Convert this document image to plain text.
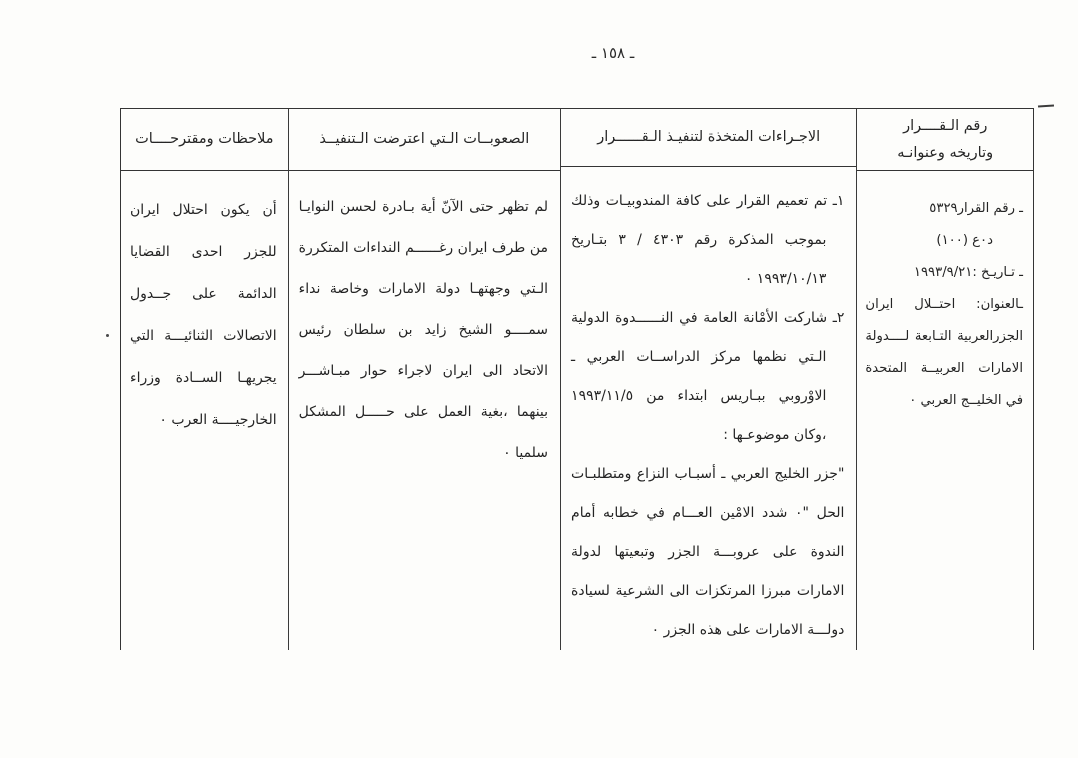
ـ ١٥٨ ـ
رقم الـقــــرار
وتاريخه وعنوانـه

ـ رقم القرار٥٣٢٩

د٠ع (١٠٠)

ـ تـاريـخ :١٩٩٣/٩/٢١

ـالعنوان: احتــلال ايران الجزرالعربية التـابعة لــــدولة الامارات العربيــة المتحدة في الخليــج العربي ٠

الاجـراءات المتخذة لتنفيـذ الـقــــــرار

١ـ تم تعميم القرار على كافة المندوبيـات وذلك بموجب المذكرة رقم ٤٣٠٣ / ٣ بتـاريخ ١٩٩٣/١٠/١٣ ٠

٢ـ شاركت الأمْانة العامة في النــــــدوة الدولية الـتي نظمها مركز الدراســات العربي ـ الاوْروبي ببـاريس ابتداء من ١٩٩٣/١١/٥ ،وكان موضوعـها :

"جزر الخليج العربي ـ أسبـاب النزاع ومتطلبـات الحل "٠ شدد الامْين العـــام في خطابه أمام الندوة على عروبـــة الجزر وتبعيتها لدولة الامارات مبرزا المرتكزات الى الشرعية لسيادة دولـــة الامارات على هذه الجزر ٠

الصعوبــات الـتي اعترضت الـتنفيــذ

لم تظهر حتى الآنّ أية بـادرة لحسن النوايـا من طرف ايران رغــــــم النداءات المتكررة الـتي وجهتهـا دولة الامارات وخاصة نداء سمــــو الشيخ زايد بن سلطان رئيس الاتحاد الى ايران لاجراء حوار مبـاشـــر بينهما ،بغية العمل على حـــــل المشكل سلميا ٠

ملاحظات ومقترحــــات

أن يكون احتلال ايران للجزر احدى القضايا الدائمة على جــدول الاتصالات الثنائيـــة التي يجريهـا الســادة وزراء الخارجيــــة العرب ٠
